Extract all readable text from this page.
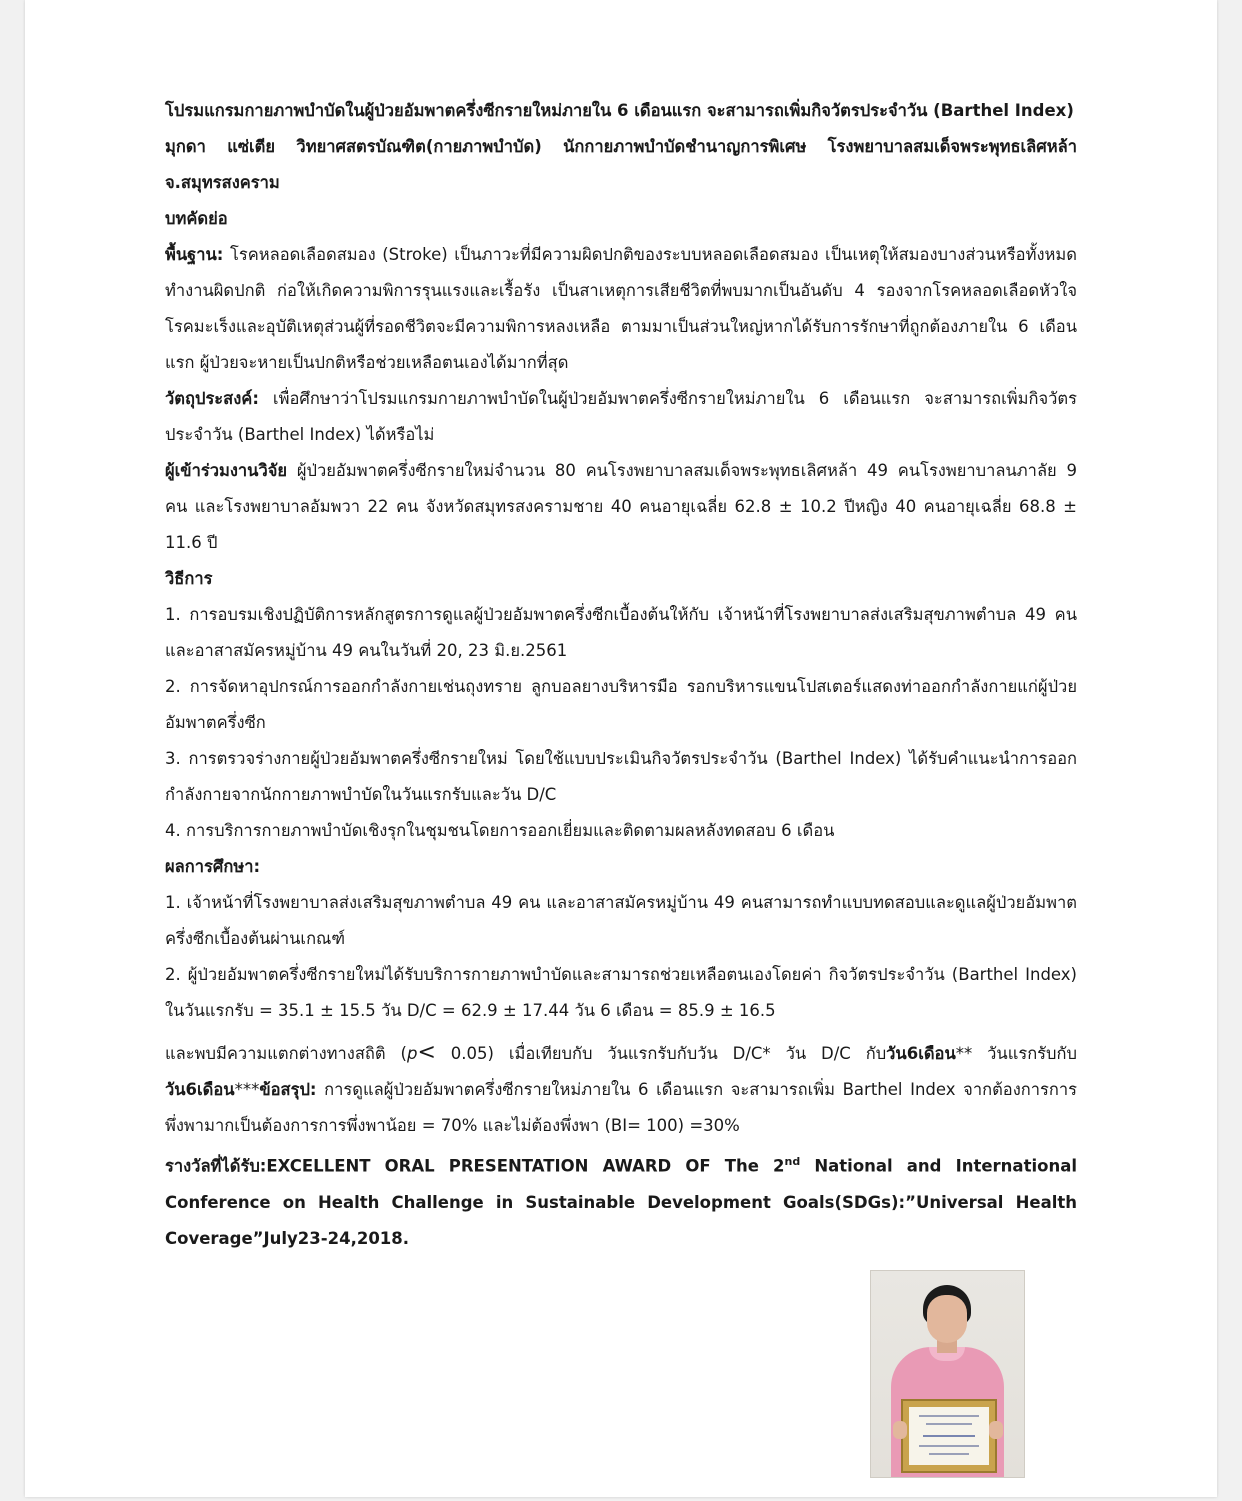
โปรมแกรมกายภาพบำบัดในผู้ป่วยอัมพาตครึ่งซีกรายใหม่ภายใน 6 เดือนแรก จะสามารถเพิ่มกิจวัตรประจำวัน (Barthel Index)

มุกดา แซ่เตีย วิทยาศสตรบัณฑิต(กายภาพบำบัด) นักกายภาพบำบัดชำนาญการพิเศษ โรงพยาบาลสมเด็จพระพุทธเลิศหล้า จ.สมุทรสงคราม

บทคัดย่อ

พื้นฐาน: โรคหลอดเลือดสมอง (Stroke) เป็นภาวะที่มีความผิดปกติของระบบหลอดเลือดสมอง เป็นเหตุให้สมองบางส่วนหรือทั้งหมดทำงานผิดปกติ ก่อให้เกิดความพิการรุนแรงและเรื้อรัง เป็นสาเหตุการเสียชีวิตที่พบมากเป็นอันดับ 4 รองจากโรคหลอดเลือดหัวใจ โรคมะเร็งและอุบัติเหตุส่วนผู้ที่รอดชีวิตจะมีความพิการหลงเหลือ ตามมาเป็นส่วนใหญ่หากได้รับการรักษาที่ถูกต้องภายใน 6 เดือนแรก ผู้ป่วยจะหายเป็นปกติหรือช่วยเหลือตนเองได้มากที่สุด

วัตถุประสงค์: เพื่อศึกษาว่าโปรมแกรมกายภาพบำบัดในผู้ป่วยอัมพาตครึ่งซีกรายใหม่ภายใน 6 เดือนแรก จะสามารถเพิ่มกิจวัตรประจำวัน (Barthel Index) ได้หรือไม่

ผู้เข้าร่วมงานวิจัย ผู้ป่วยอัมพาตครึ่งซีกรายใหม่จำนวน 80 คนโรงพยาบาลสมเด็จพระพุทธเลิศหล้า 49 คนโรงพยาบาลนภาลัย 9 คน และโรงพยาบาลอัมพวา 22 คน จังหวัดสมุทรสงครามชาย 40 คนอายุเฉลี่ย 62.8 ± 10.2 ปีหญิง 40 คนอายุเฉลี่ย 68.8 ± 11.6 ปี

วิธีการ

1. การอบรมเชิงปฏิบัติการหลักสูตรการดูแลผู้ป่วยอัมพาตครึ่งซีกเบื้องต้นให้กับ เจ้าหน้าที่โรงพยาบาลส่งเสริมสุขภาพตำบล 49 คน และอาสาสมัครหมู่บ้าน 49 คนในวันที่ 20, 23 มิ.ย.2561

2. การจัดหาอุปกรณ์การออกกำลังกายเช่นถุงทราย ลูกบอลยางบริหารมือ รอกบริหารแขนโปสเตอร์แสดงท่าออกกำลังกายแก่ผู้ป่วยอัมพาตครึ่งซีก

3. การตรวจร่างกายผู้ป่วยอัมพาตครึ่งซีกรายใหม่ โดยใช้แบบประเมินกิจวัตรประจำวัน (Barthel Index) ได้รับคำแนะนำการออกกำลังกายจากนักกายภาพบำบัดในวันแรกรับและวัน D/C

4. การบริการกายภาพบำบัดเชิงรุกในชุมชนโดยการออกเยี่ยมและติดตามผลหลังทดสอบ 6 เดือน

ผลการศึกษา:

1. เจ้าหน้าที่โรงพยาบาลส่งเสริมสุขภาพตำบล 49 คน และอาสาสมัครหมู่บ้าน 49 คนสามารถทำแบบทดสอบและดูแลผู้ป่วยอัมพาตครึ่งซีกเบื้องต้นผ่านเกณฑ์

2. ผู้ป่วยอัมพาตครึ่งซีกรายใหม่ได้รับบริการกายภาพบำบัดและสามารถช่วยเหลือตนเองโดยค่า กิจวัตรประจำวัน (Barthel Index) ในวันแรกรับ = 35.1 ± 15.5 วัน D/C = 62.9 ± 17.44 วัน 6 เดือน = 85.9 ± 16.5

และพบมีความแตกต่างทางสถิติ (p< 0.05) เมื่อเทียบกับ วันแรกรับกับวัน D/C* วัน D/C กับวัน6เดือน** วันแรกรับกับวัน6เดือน***ข้อสรุป: การดูแลผู้ป่วยอัมพาตครึ่งซีกรายใหม่ภายใน 6 เดือนแรก จะสามารถเพิ่ม Barthel Index จากต้องการการพึ่งพามากเป็นต้องการการพึ่งพาน้อย = 70% และไม่ต้องพึ่งพา (BI= 100) =30%

รางวัลที่ได้รับ:EXCELLENT ORAL PRESENTATION AWARD OF The 2nd National and International Conference on Health Challenge in Sustainable Development Goals(SDGs):”Universal Health Coverage”July23-24,2018.
